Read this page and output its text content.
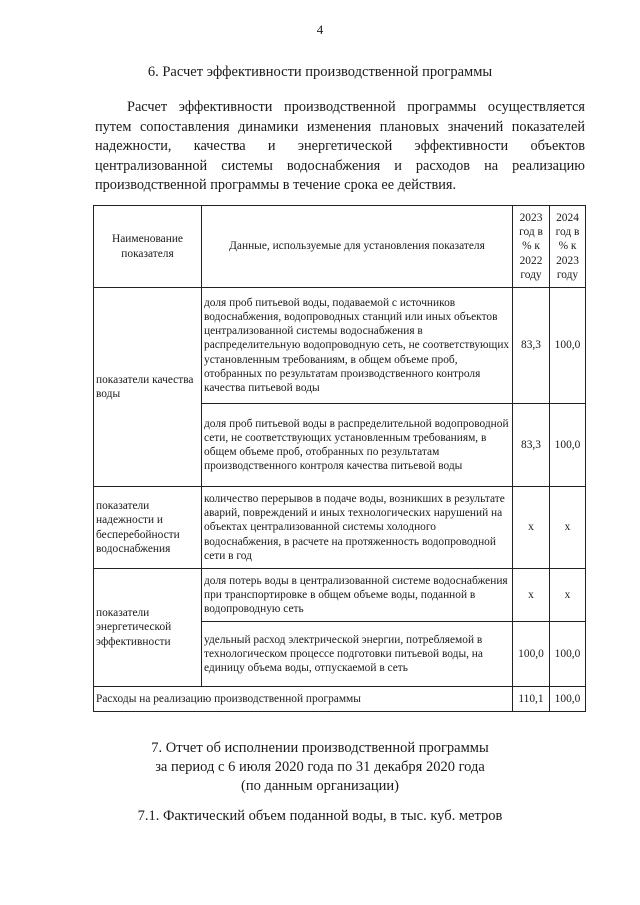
4
6. Расчет эффективности производственной программы

Расчет эффективности производственной программы осуществляется путем сопоставления динамики изменения плановых значений показателей надежности, качества и энергетической эффективности объектов централизованной системы водоснабжения и расходов на реализацию производственной программы в течение срока ее действия.

Наименование показателя	Данные, используемые для установления показателя	2023 год в % к 2022 году	2024 год в % к 2023 году
показатели качества воды	доля проб питьевой воды, подаваемой с источников водоснабжения, водопроводных станций или иных объектов централизованной системы водоснабжения в распределительную водопроводную сеть, не соответствующих установленным требованиям, в общем объеме проб, отобранных по результатам производственного контроля качества питьевой воды	83,3	100,0
	доля проб питьевой воды в распределительной водопроводной сети, не соответствующих установленным требованиям, в общем объеме проб, отобранных по результатам производственного контроля качества питьевой воды	83,3	100,0
показатели надежности и бесперебойности водоснабжения	количество перерывов в подаче воды, возникших в результате аварий, повреждений и иных технологических нарушений на объектах централизованной системы холодного водоснабжения, в расчете на протяженность водопроводной сети в год	х	х
показатели энергетической эффективности	доля потерь воды в централизованной системе водоснабжения при транспортировке в общем объеме воды, поданной в водопроводную сеть	х	х
	удельный расход электрической энергии, потребляемой в технологическом процессе подготовки питьевой воды, на единицу объема воды, отпускаемой в сеть	100,0	100,0
Расходы на реализацию производственной программы		110,1	100,0
7. Отчет об исполнении производственной программы
за период с 6 июля 2020 года по 31 декабря 2020 года
(по данным организации)
7.1. Фактический объем поданной воды, в тыс. куб. метров
